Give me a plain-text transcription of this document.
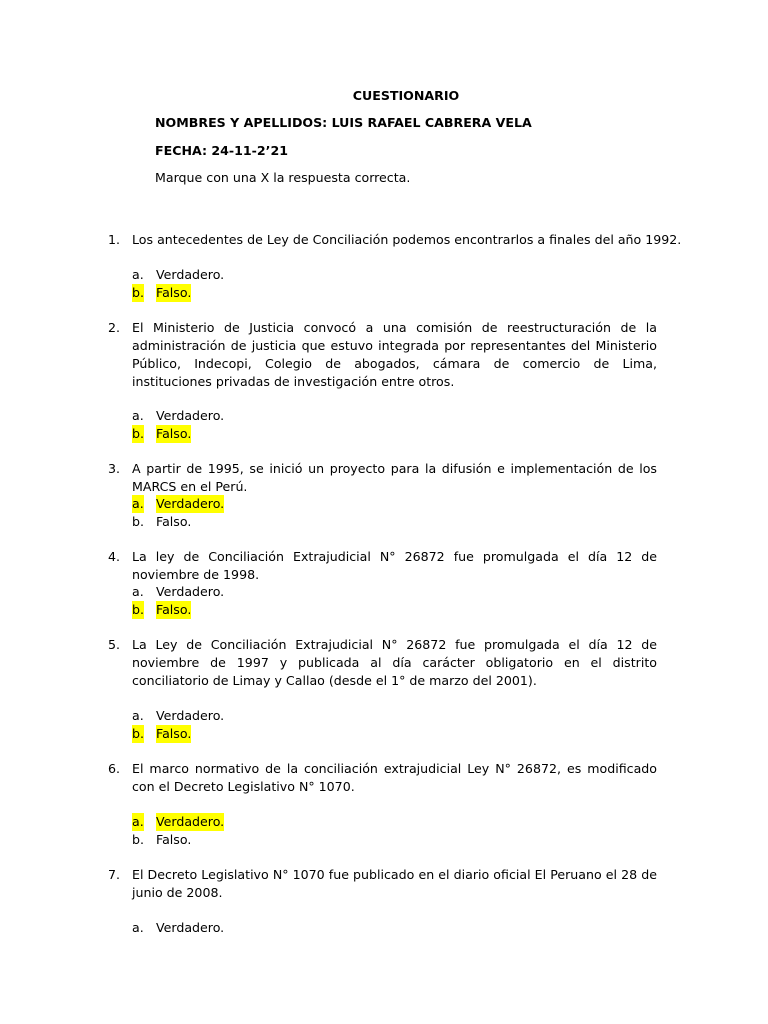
CUESTIONARIO
NOMBRES Y APELLIDOS: LUIS RAFAEL CABRERA VELA
FECHA: 24-11-2’21
Marque con una X la respuesta correcta.
1. Los antecedentes de Ley de Conciliación podemos encontrarlos a finales del año 1992.
a. Verdadero.
b. Falso.
2. El Ministerio de Justicia convocó a una comisión de reestructuración de la administración de justicia que estuvo integrada por representantes del Ministerio Público, Indecopi, Colegio de abogados, cámara de comercio de Lima, instituciones privadas de investigación entre otros.
a. Verdadero.
b. Falso.
3. A partir de 1995, se inició un proyecto para la difusión e implementación de los MARCS en el Perú.
a. Verdadero.
b. Falso.
4. La ley de Conciliación Extrajudicial N° 26872 fue promulgada el día 12 de noviembre de 1998.
a. Verdadero.
b. Falso.
5. La Ley de Conciliación Extrajudicial N° 26872 fue promulgada el día 12 de noviembre de 1997 y publicada al día carácter obligatorio en el distrito conciliatorio de Limay y Callao (desde el 1° de marzo del 2001).
a. Verdadero.
b. Falso.
6. El marco normativo de la conciliación extrajudicial Ley N° 26872, es modificado con el Decreto Legislativo N° 1070.
a. Verdadero.
b. Falso.
7. El Decreto Legislativo N° 1070 fue publicado en el diario oficial El Peruano el 28 de junio de 2008.
a. Verdadero.
